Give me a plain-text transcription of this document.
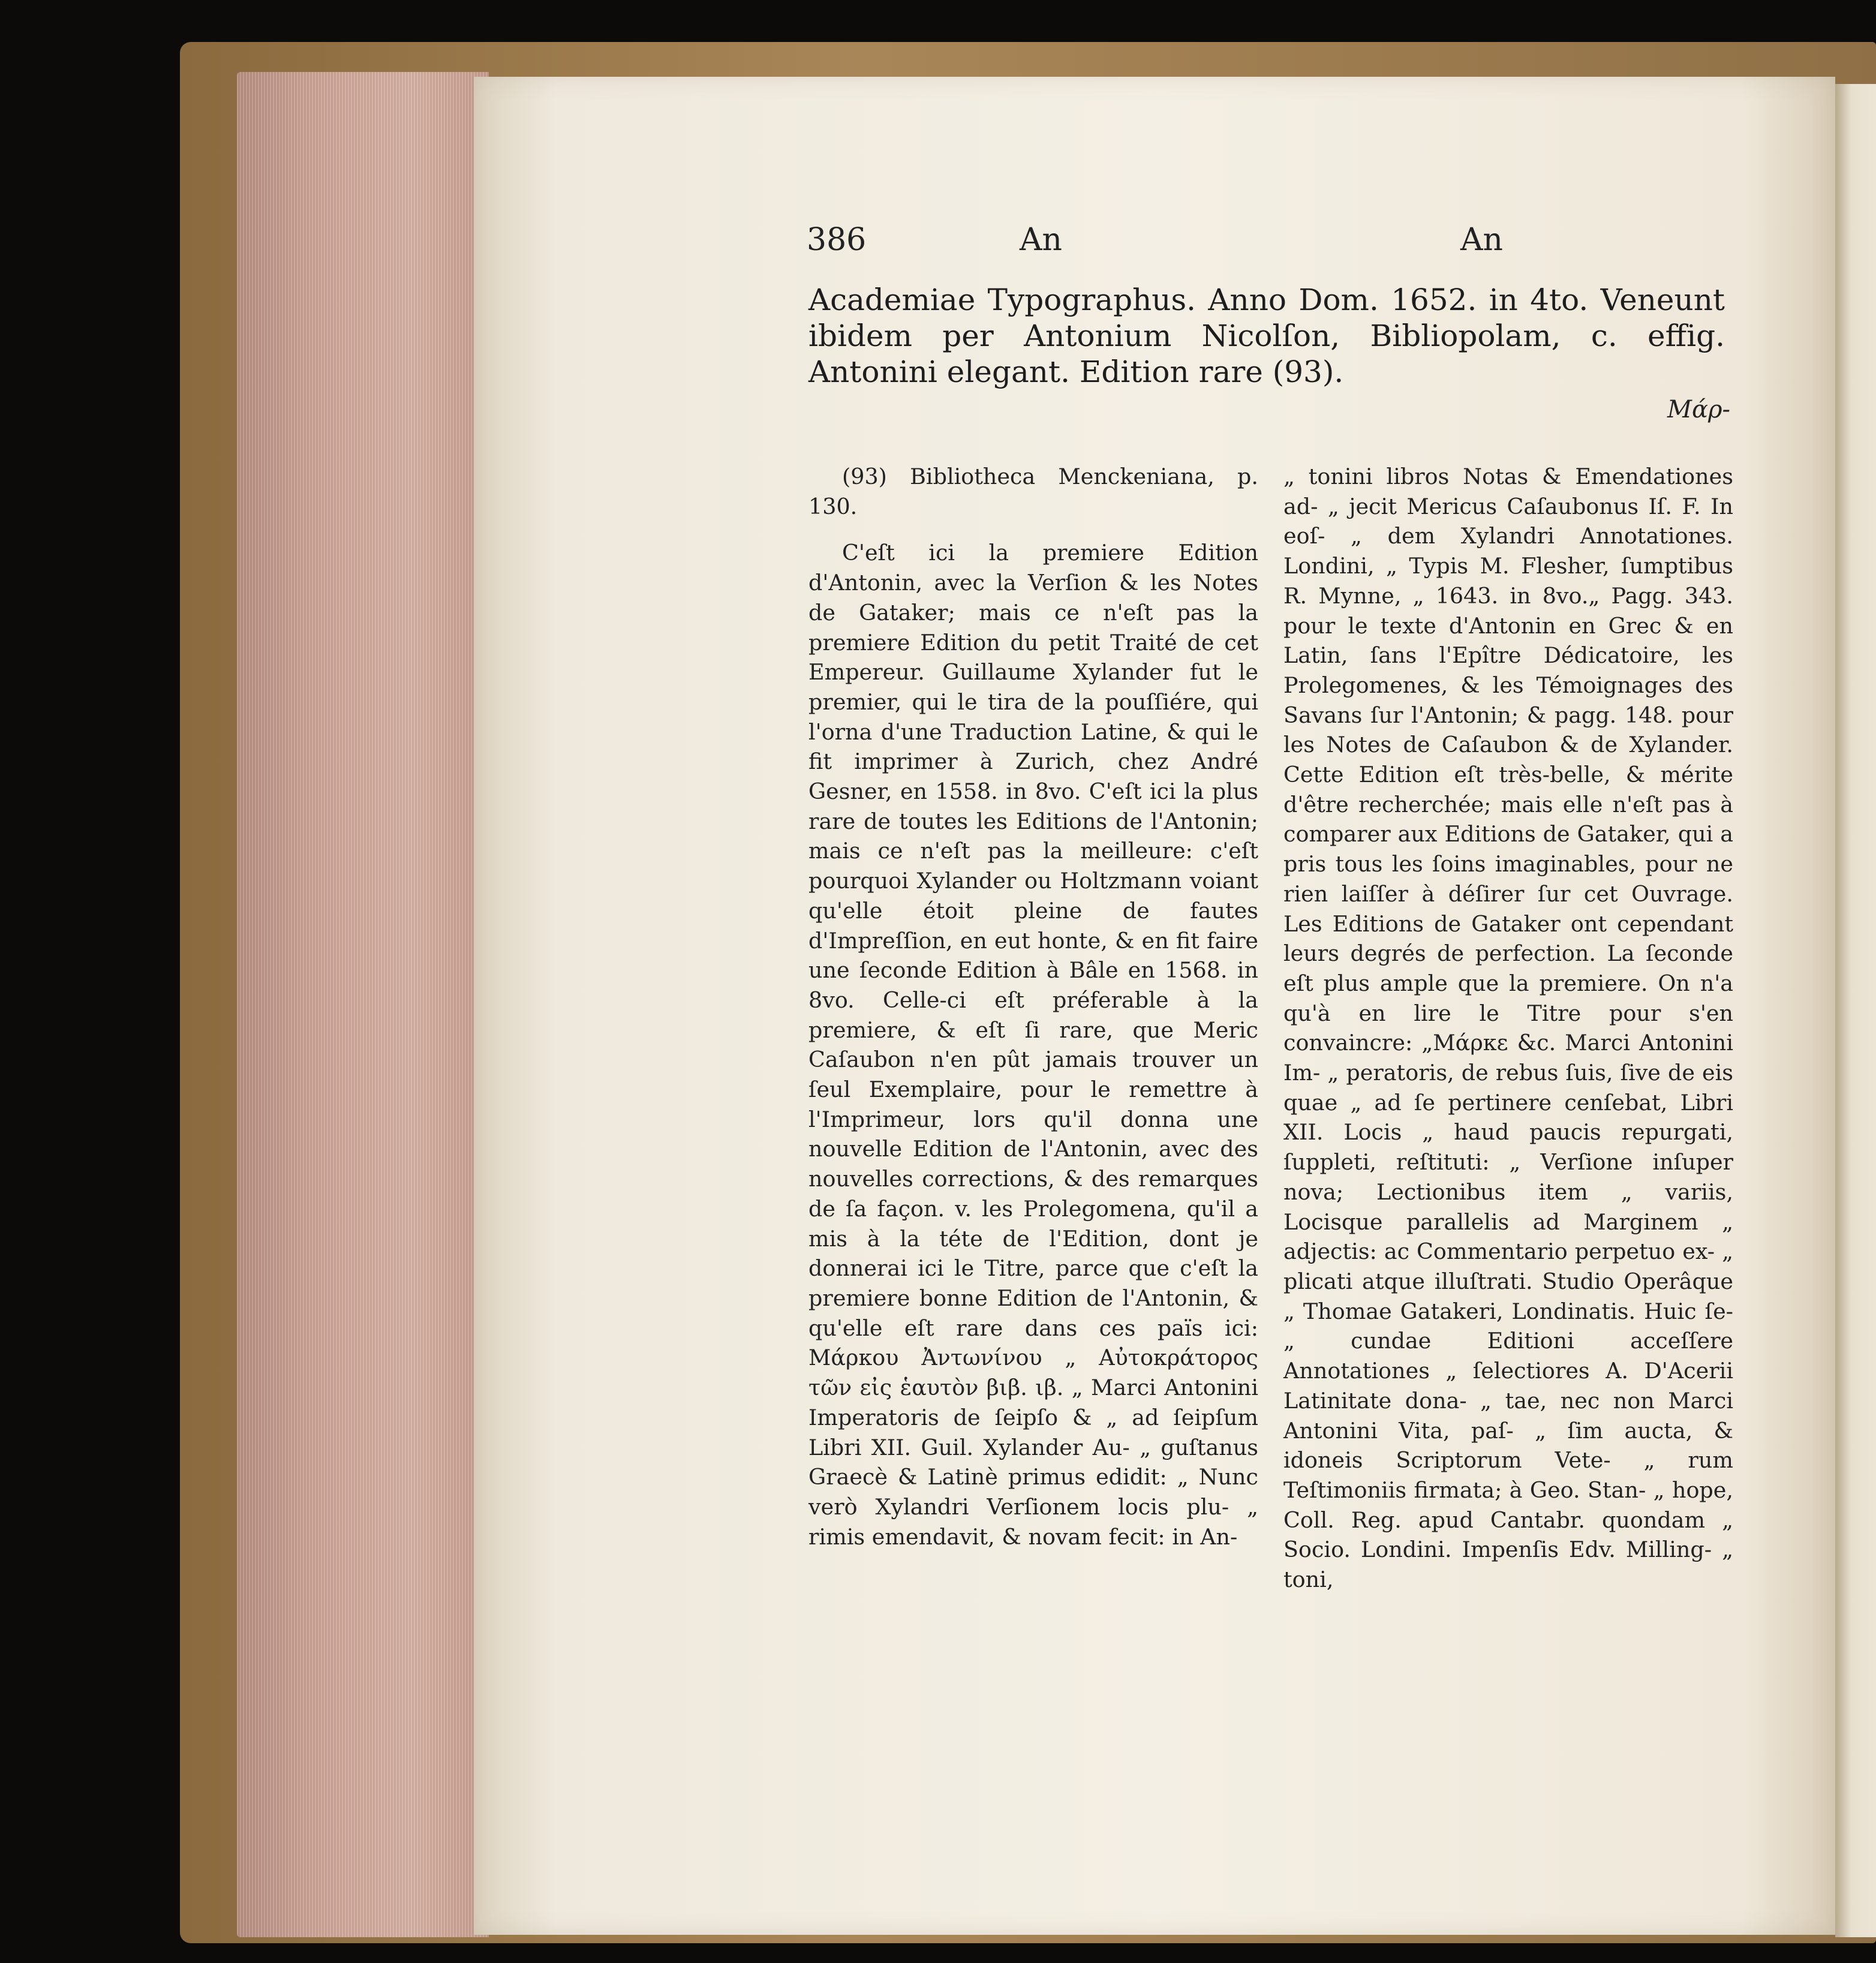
386	An	An

Academiae Typographus. Anno Dom. 1652. in 4to. Veneunt ibidem per Antonium Nicolſon, Bibliopolam, c. effig. Antonini elegant. Edition rare (93).

Μάρ-

(93) Bibliotheca Menckeniana, p. 130.

C'eſt ici la premiere Edition d'Antonin, avec la Verſion & les Notes de Gataker; mais ce n'eſt pas la premiere Edition du petit Traité de cet Empereur. Guillaume Xylander fut le premier, qui le tira de la pouſſiére, qui l'orna d'une Traduction Latine, & qui le fit imprimer à Zurich, chez André Gesner, en 1558. in 8vo. C'eſt ici la plus rare de toutes les Editions de l'Antonin; mais ce n'eſt pas la meilleure: c'eſt pourquoi Xylander ou Holtzmann voiant qu'elle étoit pleine de fautes d'Impreſſion, en eut honte, & en fit faire une ſeconde Edition à Bâle en 1568. in 8vo. Celle-ci eſt préferable à la premiere, & eſt ſi rare, que Meric Caſaubon n'en pût jamais trouver un ſeul Exemplaire, pour le remettre à l'Imprimeur, lors qu'il donna une nouvelle Edition de l'Antonin, avec des nouvelles corrections, & des remarques de ſa façon. v. les Prolegomena, qu'il a mis à la téte de l'Edition, dont je donnerai ici le Titre, parce que c'eſt la premiere bonne Edition de l'Antonin, & qu'elle eſt rare dans ces païs ici: Μάρκου Ἀντωνίνου „ Αὐτοκράτορος τῶν εἰς ἑαυτὸν βιβ. ιβ. „ Marci Antonini Imperatoris de ſeipſo & „ ad ſeipſum Libri XII. Guil. Xylander Au- „ guſtanus Graecè & Latinè primus edidit: „ Nunc verò Xylandri Verſionem locis plu- „ rimis emendavit, & novam fecit: in An-

„ tonini libros Notas & Emendationes ad- „ jecit Mericus Caſaubonus Iſ. F. In eoſ- „ dem Xylandri Annotationes. Londini, „ Typis M. Flesher, ſumptibus R. Mynne, „ 1643. in 8vo.„ Pagg. 343. pour le texte d'Antonin en Grec & en Latin, ſans l'Epître Dédicatoire, les Prolegomenes, & les Témoignages des Savans ſur l'Antonin; & pagg. 148. pour les Notes de Caſaubon & de Xylander. Cette Edition eſt très-belle, & mérite d'être recherchée; mais elle n'eſt pas à comparer aux Editions de Gataker, qui a pris tous les ſoins imaginables, pour ne rien laiſſer à déſirer ſur cet Ouvrage. Les Editions de Gataker ont cependant leurs degrés de perfection. La ſeconde eſt plus ample que la premiere. On n'a qu'à en lire le Titre pour s'en convaincre: „Μάρκε &c. Marci Antonini Im- „ peratoris, de rebus ſuis, ſive de eis quae „ ad ſe pertinere cenſebat, Libri XII. Locis „ haud paucis repurgati, ſuppleti, reſtituti: „ Verſione inſuper nova; Lectionibus item „ variis, Locisque parallelis ad Marginem „ adjectis: ac Commentario perpetuo ex- „ plicati atque illuſtrati. Studio Operâque „ Thomae Gatakeri, Londinatis. Huic ſe- „ cundae Editioni acceſſere Annotationes „ ſelectiores A. D'Acerii Latinitate dona- „ tae, nec non Marci Antonini Vita, paſ- „ ſim aucta, & idoneis Scriptorum Vete- „ rum Teſtimoniis firmata; à Geo. Stan- „ hope, Coll. Reg. apud Cantabr. quondam „ Socio. Londini. Impenſis Edv. Milling- „ toni,
